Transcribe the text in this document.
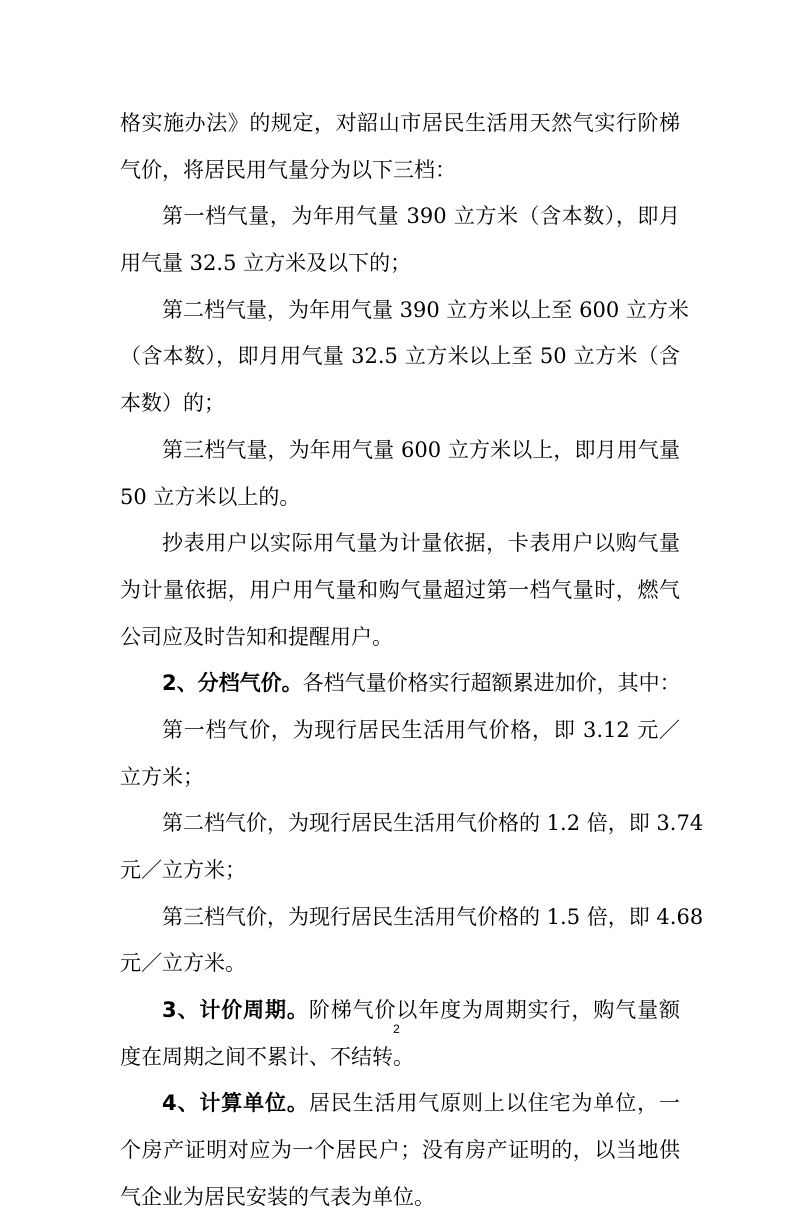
格实施办法》的规定，对韶山市居民生活用天然气实行阶梯
气价，将居民用气量分为以下三档：
第一档气量，为年用气量 390 立方米（含本数），即月
用气量 32.5 立方米及以下的；
第二档气量，为年用气量 390 立方米以上至 600 立方米
（含本数），即月用气量 32.5 立方米以上至 50 立方米（含
本数）的；
第三档气量，为年用气量 600 立方米以上，即月用气量
50 立方米以上的。
抄表用户以实际用气量为计量依据，卡表用户以购气量
为计量依据，用户用气量和购气量超过第一档气量时，燃气
公司应及时告知和提醒用户。
2、分档气价。各档气量价格实行超额累进加价，其中：
第一档气价，为现行居民生活用气价格，即 3.12 元／
立方米；
第二档气价，为现行居民生活用气价格的 1.2 倍，即 3.74
元／立方米；
第三档气价，为现行居民生活用气价格的 1.5 倍，即 4.68
元／立方米。
3、计价周期。阶梯气价以年度为周期实行，购气量额
度在周期之间不累计、不结转。
4、计算单位。居民生活用气原则上以住宅为单位，一
个房产证明对应为一个居民户；没有房产证明的，以当地供
气企业为居民安装的气表为单位。
2
